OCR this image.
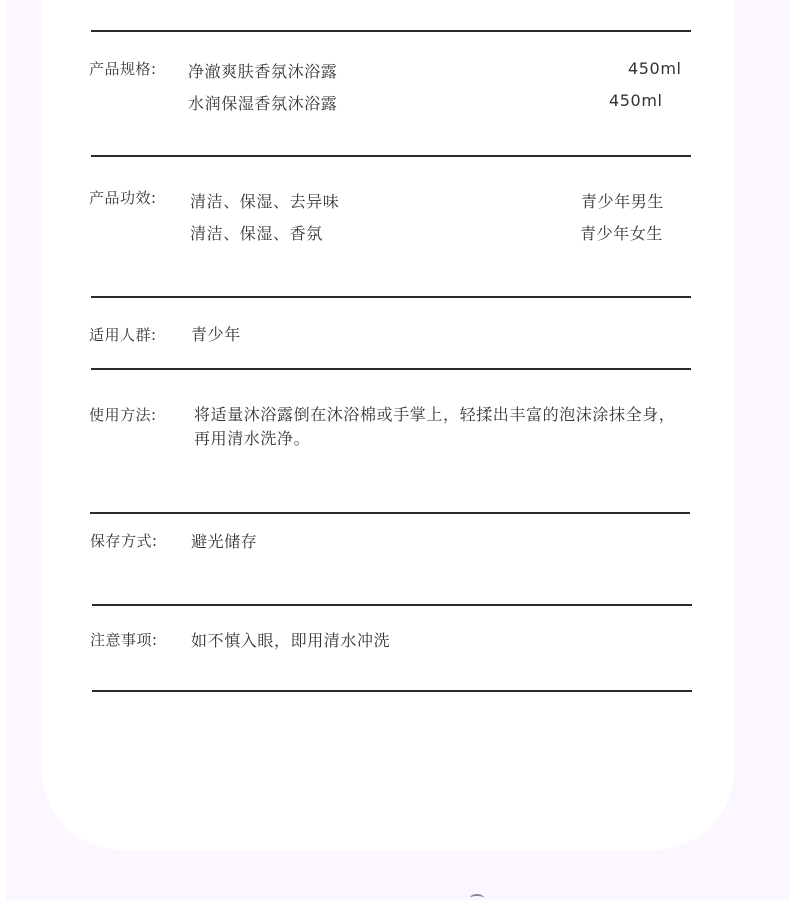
产品规格: 净澈爽肤香氛沐浴露	450ml
水润保湿香氛沐浴露	450ml
产品功效: 清洁、保湿、去异味	青少年男生
清洁、保湿、香氛	青少年女生
适用人群: 青少年
使用方法: 将适量沐浴露倒在沐浴棉或手掌上，轻揉出丰富的泡沫涂抹全身，再用清水洗净。
保存方式: 避光储存
注意事项: 如不慎入眼，即用清水冲洗
